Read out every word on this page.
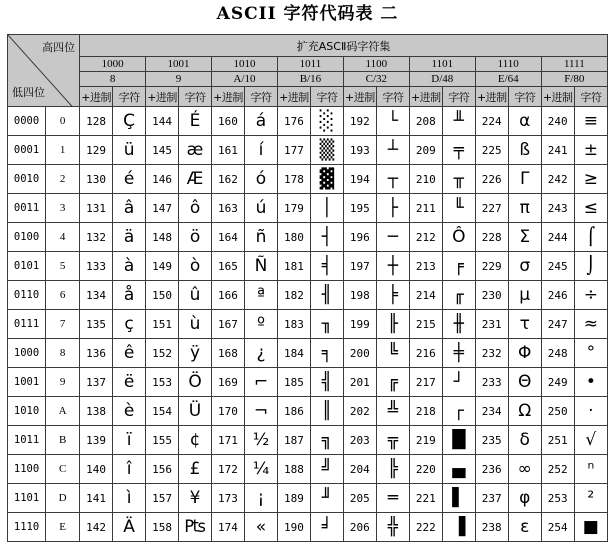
ASCII 字符代码表 二
高四位
低四位		扩充ASCⅡ码字符集															
		1000		1001		1010		1011		1100		1101		1110		1111	
		8		9		A/10		B/16		C/32		D/48		E/64		F/80	
		+进制	字符	+进制	字符	+进制	字符	+进制	字符	+进制	字符	+进制	字符	+进制	字符	+进制	字符
0000	0	128	Ç	144	É	160	á	176	░	192	└	208	╨	224	α	240	≡
0001	1	129	ü	145	æ	161	í	177	▒	193	┴	209	╤	225	ß	241	±
0010	2	130	é	146	Æ	162	ó	178	▓	194	┬	210	╥	226	Γ	242	≥
0011	3	131	â	147	ô	163	ú	179	│	195	├	211	╙	227	π	243	≤
0100	4	132	ä	148	ö	164	ñ	180	┤	196	─	212	Ô	228	Σ	244	⌠
0101	5	133	à	149	ò	165	Ñ	181	╡	197	┼	213	╒	229	σ	245	⌡
0110	6	134	å	150	û	166	ª	182	╢	198	╞	214	╓	230	µ	246	÷
0111	7	135	ç	151	ù	167	º	183	╖	199	╟	215	╫	231	τ	247	≈
1000	8	136	ê	152	ÿ	168	¿	184	╕	200	╚	216	╪	232	Φ	248	°
1001	9	137	ë	153	Ö	169	⌐	185	╣	201	╔	217	┘	233	Θ	249	•
1010	A	138	è	154	Ü	170	¬	186	║	202	╩	218	┌	234	Ω	250	·
1011	B	139	ï	155	¢	171	½	187	╗	203	╦	219	█	235	δ	251	√
1100	C	140	î	156	£	172	¼	188	╝	204	╠	220	▄	236	∞	252	ⁿ
1101	D	141	ì	157	¥	173	¡	189	╜	205	═	221	▌	237	φ	253	²
1110	E	142	Ä	158	₧	174	«	190	╛	206	╬	222	▐	238	ε	254	■
